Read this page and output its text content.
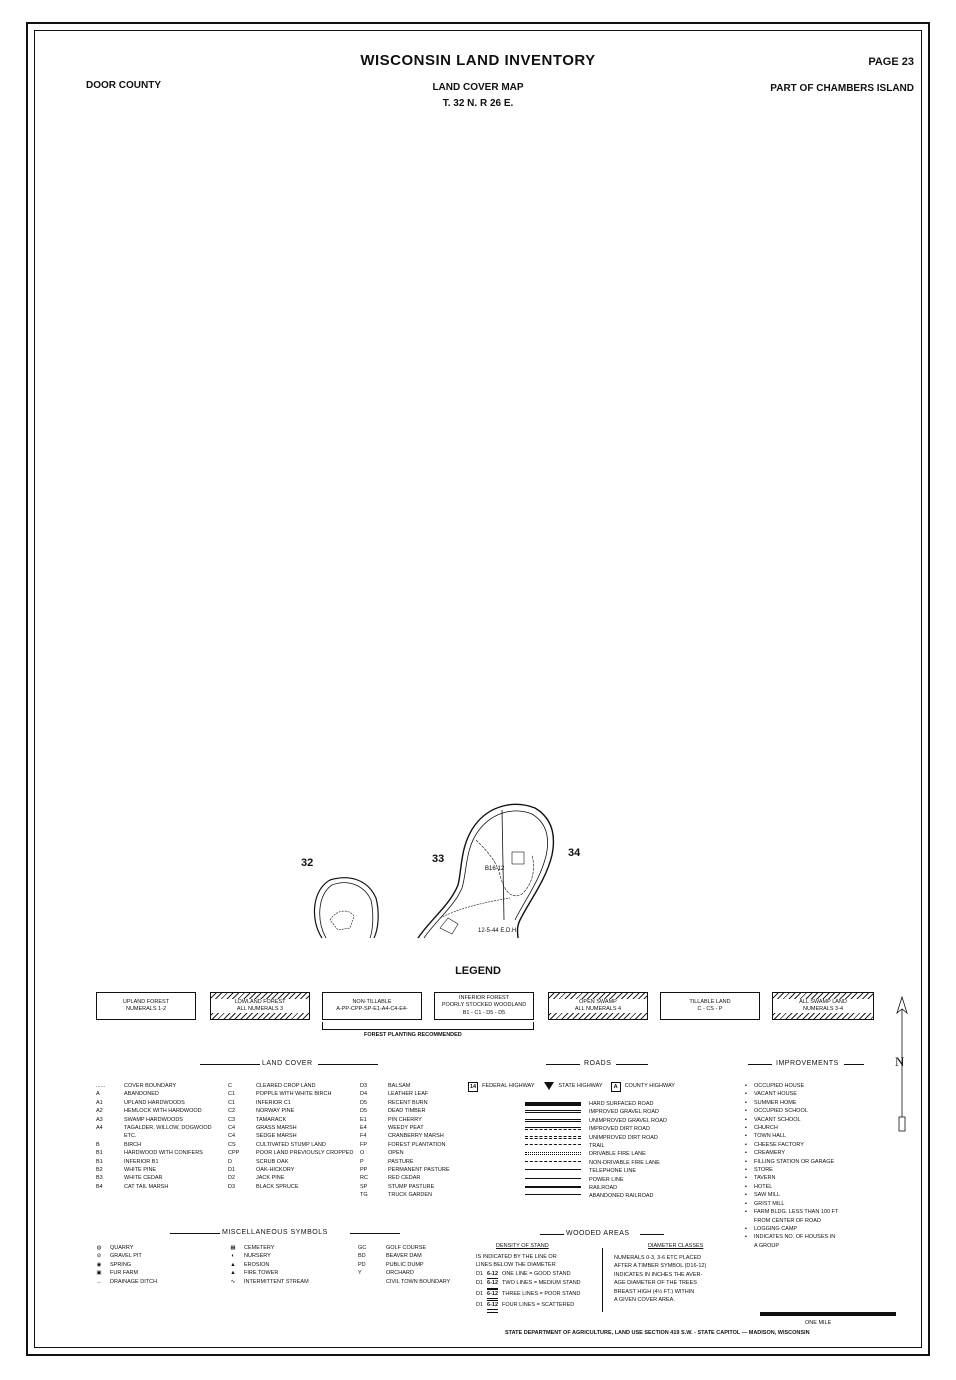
WISCONSIN LAND INVENTORY	PAGE 23
DOOR COUNTY	LAND COVER MAP
T. 32 N. R 26 E.
PART OF CHAMBERS ISLAND
B16-12
32	33	34
12-5-44 E.D.H.
LEGEND
UPLAND FOREST
NUMERALS 1-2
LOWLAND FOREST
ALL NUMERALS 3
NON-TILLABLE
A-PP-CPP-SP-E1-A4-C4-E4-
INFERIOR FOREST
POORLY STOCKED WOODLAND
B1 - C1 - D5 - D5
OPEN SWAMP
ALL NUMERALS 4
TILLABLE LAND
C - CS - P
ALL SWAMP LAND
NUMERALS 3-4
FOREST PLANTING RECOMMENDED
N
LAND COVER	ROADS	IMPROVEMENTS
......	COVER BOUNDARY
A	ABANDONED
A1	UPLAND HARDWOODS
A2	HEMLOCK WITH HARDWOOD
A3	SWAMP HARDWOODS
A4	TAGALDER, WILLOW, DOGWOOD
ETC.
B	BIRCH
B1	HARDWOOD WITH CONIFERS
B1	INFERIOR B1
B2	WHITE PINE
B3	WHITE CEDAR
B4	CAT TAIL MARSH
C	CLEARED CROP LAND
C1	POPPLE WITH WHITE BIRCH
C1	INFERIOR C1
C2	NORWAY PINE
C3	TAMARACK
C4	GRASS MARSH
C4	SEDGE MARSH
CS	CULTIVATED STUMP LAND
CPP	POOR LAND PREVIOUSLY CROPPED
D	SCRUB OAK
D1	OAK-HICKORY
D2	JACK PINE
D3	BLACK SPRUCE
D3	BALSAM
D4	LEATHER LEAF
D5	RECENT BURN
D5	DEAD TIMBER
E1	PIN CHERRY
E4	WEEDY PEAT
F4	CRANBERRY MARSH
FP	FOREST PLANTATION
O	OPEN
P	PASTURE
PP	PERMANENT PASTURE
RC	RED CEDAR
SP	STUMP PASTURE
TG	TRUCK GARDEN
14	FEDERAL HIGHWAY	STATE HIGHWAY	A	COUNTY HIGHWAY
HARD SURFACED ROAD
IMPROVED GRAVEL ROAD
UNIMPROVED GRAVEL ROAD
IMPROVED DIRT ROAD
UNIMPROVED DIRT ROAD
TRAIL
DRIVABLE FIRE LANE
NON-DRIVABLE FIRE LANE
TELEPHONE LINE
POWER LINE
RAILROAD
ABANDONED RAILROAD
▪	OCCUPIED HOUSE
▪	VACANT HOUSE
▪	SUMMER HOME
▪	OCCUPIED SCHOOL
▪	VACANT SCHOOL
▪	CHURCH
▪	TOWN HALL
▪	CHEESE FACTORY
▪	CREAMERY
▪	FILLING STATION OR GARAGE
▪	STORE
▪	TAVERN
▪	HOTEL
▪	SAW MILL
▪	GRIST MILL
▪	FARM BLDG. LESS THAN 100 FT
FROM CENTER OF ROAD
▪	LOGGING CAMP
▪	INDICATES NO. OF HOUSES IN
A GROUP
MISCELLANEOUS SYMBOLS
◍	QUARRY
⊘	GRAVEL PIT
◉	SPRING
▣	FUR FARM
→	DRAINAGE DITCH
▦	CEMETERY
◐	NURSERY
▲	EROSION
▲	FIRE TOWER
∿	INTERMITTENT STREAM
GC	GOLF COURSE
BD	BEAVER DAM
PD	PUBLIC DUMP
Y	ORCHARD
CIVIL TOWN BOUNDARY
WOODED AREAS
DENSITY OF STAND
IS INDICATED BY THE LINE OR
LINES BELOW THE DIAMETER
D1 6-12 ONE LINE = GOOD STAND
D1 6-12 TWO LINES = MEDIUM STAND
D1 6-12 THREE LINES = POOR STAND
D1 6-12 FOUR LINES = SCATTERED
DIAMETER CLASSES
NUMERALS 0-3, 3-6 ETC PLACED
AFTER A TIMBER SYMBOL (D16-12)
INDICATES IN INCHES THE AVER-
AGE DIAMETER OF THE TREES
BREAST HIGH (4½ FT.) WITHIN
A GIVEN COVER AREA.
ONE MILE
STATE DEPARTMENT OF AGRICULTURE, LAND USE SECTION 419 S.W. - STATE CAPITOL — MADISON, WISCONSIN
